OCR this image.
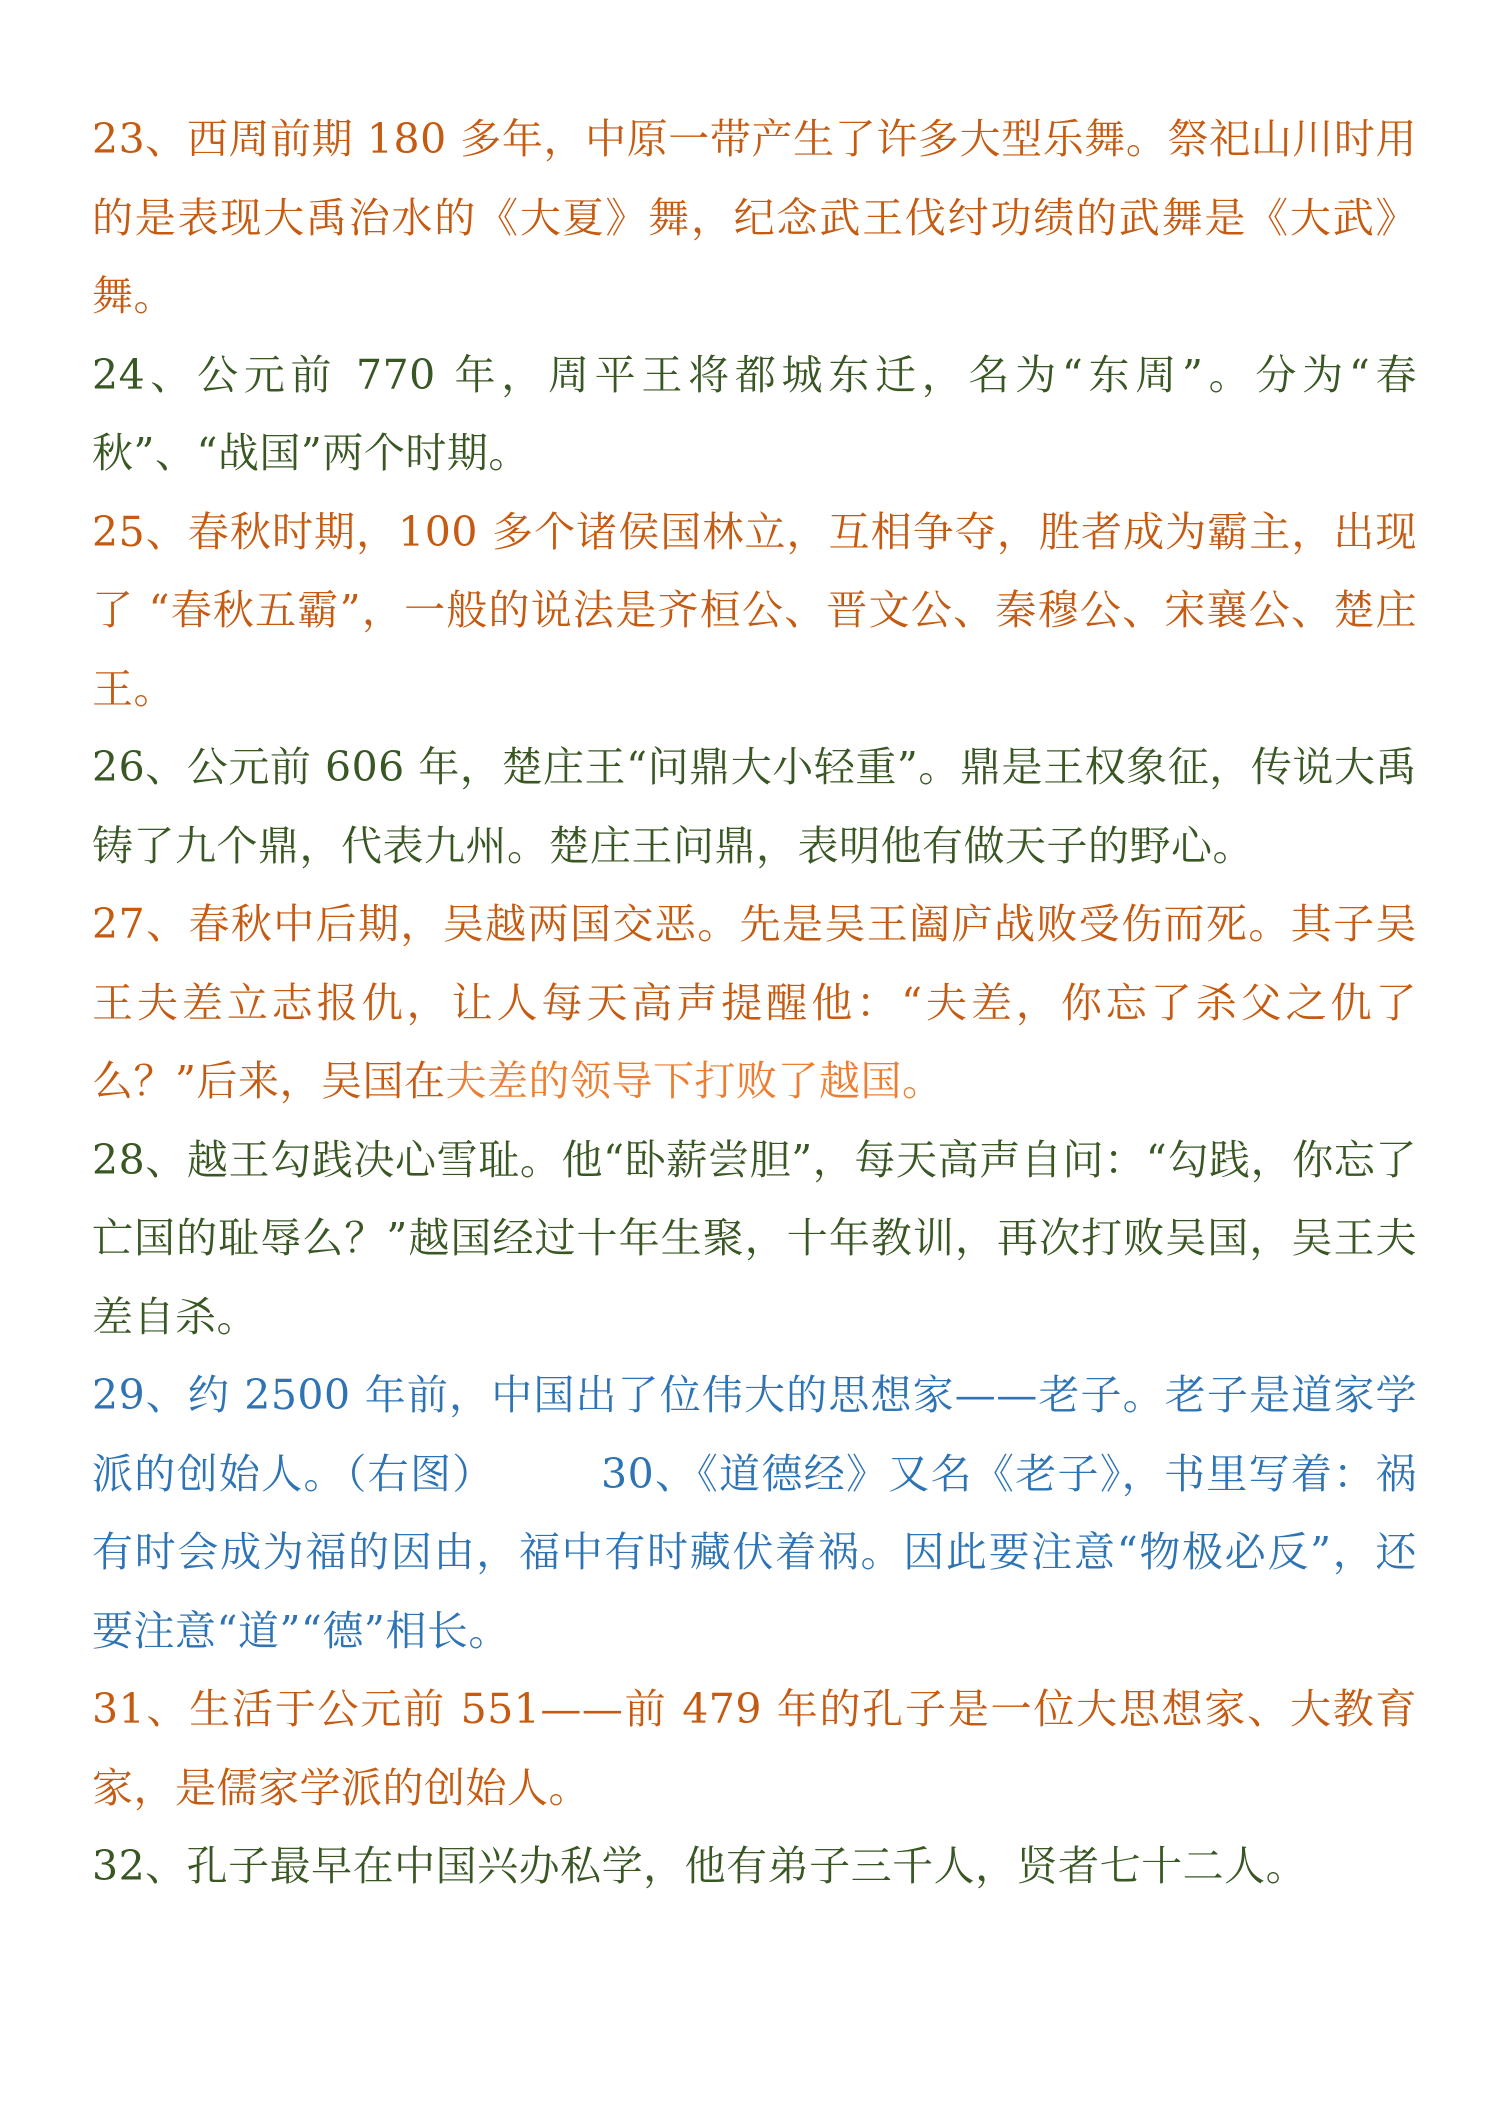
23、西周前期 180 多年，中原一带产生了许多大型乐舞。祭祀山川时用的是表现大禹治水的《大夏》舞，纪念武王伐纣功绩的武舞是《大武》舞。

24、公元前 770 年，周平王将都城东迁，名为“东周”。分为“春秋”、“战国”两个时期。

25、春秋时期，100 多个诸侯国林立，互相争夺，胜者成为霸主，出现了 “春秋五霸”，一般的说法是齐桓公、晋文公、秦穆公、宋襄公、楚庄王。

26、公元前 606 年，楚庄王“问鼎大小轻重”。鼎是王权象征，传说大禹铸了九个鼎，代表九州。楚庄王问鼎，表明他有做天子的野心。

27、春秋中后期，吴越两国交恶。先是吴王阖庐战败受伤而死。其子吴王夫差立志报仇，让人每天高声提醒他：“夫差，你忘了杀父之仇了么？”后来，吴国在夫差的领导下打败了越国。

28、越王勾践决心雪耻。他“卧薪尝胆”，每天高声自问：“勾践，你忘了亡国的耻辱么？”越国经过十年生聚，十年教训，再次打败吴国，吴王夫差自杀。

29、约 2500 年前，中国出了位伟大的思想家——老子。老子是道家学派的创始人。（右图）　　　30、《道德经》又名《老子》，书里写着：祸有时会成为福的因由，福中有时藏伏着祸。因此要注意“物极必反”，还要注意“道”“德”相长。

31、生活于公元前 551——前 479 年的孔子是一位大思想家、大教育家，是儒家学派的创始人。

32、孔子最早在中国兴办私学，他有弟子三千人，贤者七十二人。
